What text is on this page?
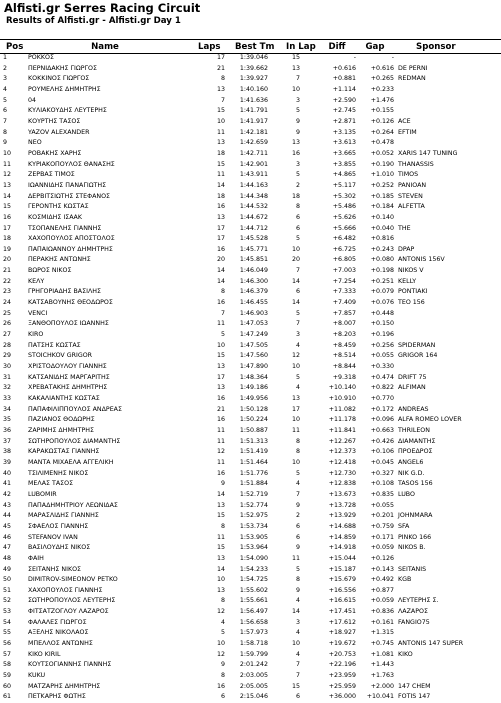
Alfisti.gr Serres Racing Circuit
Results of Alfisti.gr - Alfisti.gr Day 1
Pos	Name	Laps	Best Tm	In Lap	Diff	Gap	Sponsor
1	ΡΟΚΚΟΣ	17	1:39.046	15	-	-	
2	ΠΕΡΝΙΔΑΚΗΣ ΓΙΩΡΓΟΣ	21	1:39.662	13	+0.616	+0.616	DE PERNI
3	ΚΟΚΚΙΝΟΣ ΓΙΩΡΓΟΣ	8	1:39.927	7	+0.881	+0.265	REDMAN
4	ΡΟΥΜΕΛΗΣ ΔΗΜΗΤΡΗΣ	13	1:40.160	10	+1.114	+0.233	
5	04	7	1:41.636	3	+2.590	+1.476	
6	ΚΥΛΙΑΚΟΥΔΗΣ ΛΕΥΤΕΡΗΣ	15	1:41.791	5	+2.745	+0.155	
7	ΚΟΥΡΤΗΣ ΤΑΣΟΣ	10	1:41.917	9	+2.871	+0.126	ACE
8	YAZOV ALEXANDER	11	1:42.181	9	+3.135	+0.264	EFTIM
9	NEO	13	1:42.659	13	+3.613	+0.478	
10	ΡΟΒΑΚΗΣ ΧΑΡΗΣ	18	1:42.711	16	+3.665	+0.052	XARIS 147 TUNING
11	ΚΥΡΙΑΚΟΠΟΥΛΟΣ ΘΑΝΑΣΗΣ	15	1:42.901	3	+3.855	+0.190	THANASSIS
12	ΖΕΡΒΑΣ ΤΙΜΟΣ	11	1:43.911	5	+4.865	+1.010	TIMOS
13	ΙΩΑΝΝΙΔΗΣ ΠΑΝΑΓΙΩΤΗΣ	14	1:44.163	2	+5.117	+0.252	PANIOAN
14	ΔΕΡΒΙΤΣΙΩΤΗΣ ΣΤΕΦΑΝΟΣ	18	1:44.348	18	+5.302	+0.185	STEVEN
15	ΓΕΡΟΝΤΗΣ ΚΩΣΤΑΣ	16	1:44.532	8	+5.486	+0.184	ALFETTA
16	ΚΟΣΜΙΔΗΣ ΙΣΑΑΚ	13	1:44.672	6	+5.626	+0.140	
17	ΤΣΟΠΑΝΕΛΗΣ ΓΙΑΝΝΗΣ	17	1:44.712	6	+5.666	+0.040	THE
18	ΧΑΧΟΠΟΥΛΟΣ ΑΠΟΣΤΟΛΟΣ	17	1:45.528	5	+6.482	+0.816	
19	ΠΑΠΑΙΩΑΝΝΟΥ ΔΗΜΗΤΡΗΣ	16	1:45.771	10	+6.725	+0.243	DPAP
20	ΠΕΡΑΚΗΣ ΑΝΤΩΝΗΣ	20	1:45.851	20	+6.805	+0.080	ANTONIS 156V
21	ΒΩΡΟΣ ΝΙΚΟΣ	14	1:46.049	7	+7.003	+0.198	NIKOS V
22	ΚΕΛΥ	14	1:46.300	14	+7.254	+0.251	KELLY
23	ΓΡΗΓΟΡΙΑΔΗΣ ΒΑΣΙΛΗΣ	8	1:46.379	6	+7.333	+0.079	PONTIAKI
24	ΚΑΤΣΑΒΟΥΝΗΣ ΘΕΟΔΩΡΟΣ	16	1:46.455	14	+7.409	+0.076	TEO 156
25	VENCI	7	1:46.903	5	+7.857	+0.448	
26	ΞΑΝΘΟΠΟΥΛΟΣ ΙΩΑΝΝΗΣ	11	1:47.053	7	+8.007	+0.150	
27	KIRO	5	1:47.249	3	+8.203	+0.196	
28	ΠΑΤΣΗΣ ΚΩΣΤΑΣ	10	1:47.505	4	+8.459	+0.256	SPIDERMAN
29	STOICHKOV GRIGOR	15	1:47.560	12	+8.514	+0.055	GRIGOR 164
30	ΧΡΙΣΤΟΔΟΥΛΟΥ ΓΙΑΝΝΗΣ	13	1:47.890	10	+8.844	+0.330	
31	ΚΑΤΣΑΝΙΔΗΣ ΜΑΡΓΑΡΙΤΗΣ	17	1:48.364	5	+9.318	+0.474	DRIFT 75
32	ΧΡΕΒΑΤΑΚΗΣ ΔΗΜΗΤΡΗΣ	13	1:49.186	4	+10.140	+0.822	ALFIMAN
33	ΚΑΚΑΛΙΑΝΤΗΣ ΚΩΣΤΑΣ	16	1:49.956	13	+10.910	+0.770	
34	ΠΑΠΑΦΙΛΙΠΠΟΥΛΟΣ ΑΝΔΡΕΑΣ	21	1:50.128	17	+11.082	+0.172	ANDREAS
35	ΠΑΖΙΑΝΟΣ ΘΟΔΩΡΗΣ	16	1:50.224	10	+11.178	+0.096	ALFA ROMEO LOVER
36	ΖΑΡΙΜΗΣ ΔΗΜΗΤΡΗΣ	11	1:50.887	11	+11.841	+0.663	THRILEON
37	ΣΩΤΗΡΟΠΟΥΛΟΣ ΔΙΑΜΑΝΤΗΣ	11	1:51.313	8	+12.267	+0.426	ΔΙΑΜΑΝΤΗΣ
38	ΚΑΡΑΚΩΣΤΑΣ ΓΙΑΝΝΗΣ	12	1:51.419	8	+12.373	+0.106	ΠΡΟΕΔΡΟΣ
39	ΜΑΝΤΑ ΜΙΧΑΕΛΑ ΑΓΓΕΛΙΚΗ	11	1:51.464	10	+12.418	+0.045	ANGEL6
40	ΤΣΙΛΙΜΕΝΗΣ ΝΙΚΟΣ	16	1:51.776	5	+12.730	+0.327	NIK G.D.
41	ΜΕΛΑΣ ΤΑΣΟΣ	9	1:51.884	4	+12.838	+0.108	TASOS 156
42	LUBOMIR	14	1:52.719	7	+13.673	+0.835	LUBO
43	ΠΑΠΑΔΗΜΗΤΡΙΟΥ ΛΕΩΝΙΔΑΣ	13	1:52.774	9	+13.728	+0.055	
44	ΜΑΡΑΣΛΙΔΗΣ ΓΙΑΝΝΗΣ	15	1:52.975	2	+13.929	+0.201	JOHNMARA
45	ΣΦΑΕΛΟΣ ΓΙΑΝΝΗΣ	8	1:53.734	6	+14.688	+0.759	SFA
46	STEFANOV IVAN	11	1:53.905	6	+14.859	+0.171	PINKO 166
47	ΒΑΣΙΛΟΥΔΗΣ ΝΙΚΟΣ	15	1:53.964	9	+14.918	+0.059	NIKOS B.
48	ΦΑΙΗ	13	1:54.090	11	+15.044	+0.126	
49	ΣΕΙΤΑΝΗΣ ΝΙΚΟΣ	14	1:54.233	5	+15.187	+0.143	SEITANIS
50	DIMITROV-SIMEONOV PETKO	10	1:54.725	8	+15.679	+0.492	KGB
51	ΧΑΧΟΠΟΥΛΟΣ ΓΙΑΝΝΗΣ	13	1:55.602	9	+16.556	+0.877	
52	ΣΩΤΗΡΟΠΟΥΛΟΣ ΛΕΥΤΕΡΗΣ	8	1:55.661	4	+16.615	+0.059	ΛΕΥΤΕΡΗΣ Σ.
53	ΦΙΤΣΑΤΖΟΓΛΟΥ ΛΑΖΑΡΟΣ	12	1:56.497	14	+17.451	+0.836	ΛΑΖΑΡΟΣ
54	ΦΑΛΑΛΕΣ ΓΙΩΡΓΟΣ	4	1:56.658	3	+17.612	+0.161	FANGIO75
55	ΑΞΕΛΗΣ ΝΙΚΟΛΑΟΣ	5	1:57.973	4	+18.927	+1.315	
56	ΜΠΕΛΛΟΣ ΑΝΤΩΝΗΣ	10	1:58.718	10	+19.672	+0.745	ANTONIS 147 SUPER
57	KIKO KIRIL	12	1:59.799	4	+20.753	+1.081	KIKO
58	ΚΟΥΤΣΟΓΙΑΝΝΗΣ ΓΙΑΝΝΗΣ	9	2:01.242	7	+22.196	+1.443	
59	KUKU	8	2:03.005	7	+23.959	+1.763	
60	ΜΑΤΖΑΡΗΣ ΔΗΜΗΤΡΗΣ	16	2:05.005	15	+25.959	+2.000	147 CHEM
61	ΠΕΤΚΑΡΗΣ ΦΩΤΗΣ	6	2:15.046	6	+36.000	+10.041	FOTIS 147
